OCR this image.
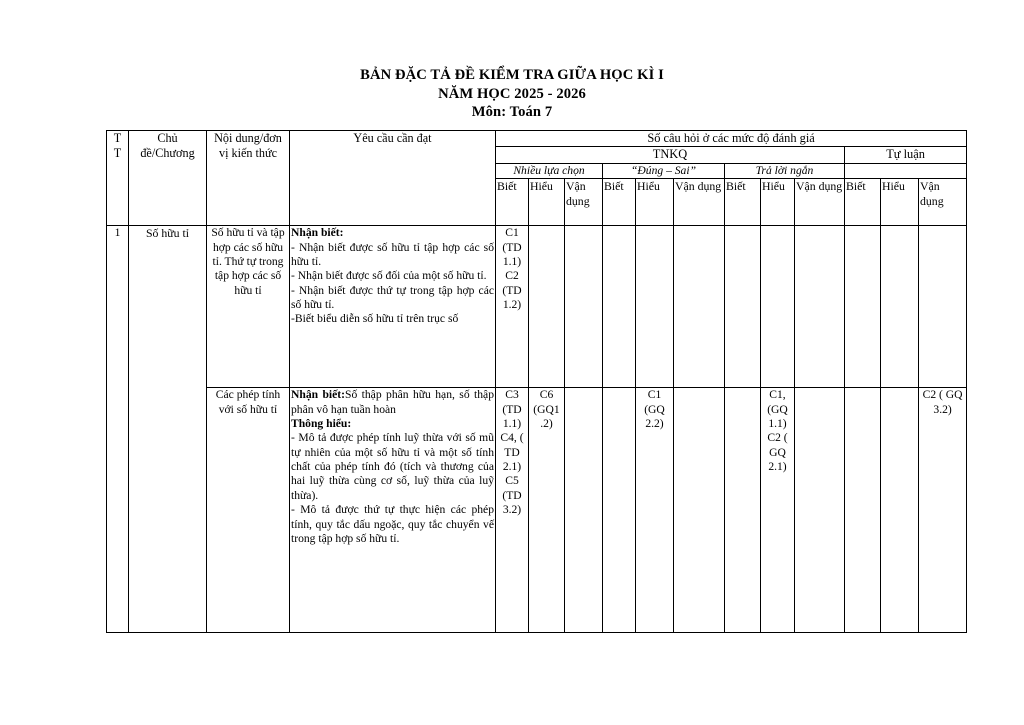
BẢN ĐẶC TẢ ĐỀ KIỂM TRA GIỮA HỌC KÌ I
NĂM HỌC 2025 - 2026
Môn: Toán 7
T
T	Chủ đề/Chương	Nội dung/đơn vị kiến thức	Yêu cầu cần đạt	Số câu hỏi ở các mức độ đánh giá											
				TNKQ									Tự luận		
				Nhiều lựa chọn			“Đúng – Sai”			Trả lời ngắn					
				Biết	Hiểu	Vận dụng	Biết	Hiểu	Vận dụng	Biết	Hiểu	Vận dụng	Biết	Hiểu	Vận dụng
1	Số hữu tỉ	Số hữu tỉ và tập hợp các số hữu tỉ. Thứ tự trong tập hợp các số hữu tỉ	Nhận biết:
- Nhận biết được số hữu tỉ tập hợp các số hữu tỉ.
- Nhận biết được số đối của một số hữu tỉ.
- Nhận biết được thứ tự trong tập hợp các số hữu tỉ.
-Biết biểu diễn số hữu tỉ trên trục số	C1 (TD 1.1) C2 (TD 1.2)											
		Các phép tính với số hữu tỉ	Nhận biết:Số thập phân hữu hạn, số thập phân vô hạn tuần hoàn
Thông hiểu:
- Mô tả được phép tính luỹ thừa với số mũ tự nhiên của một số hữu tỉ và một số tính chất của phép tính đó (tích và thương của hai luỹ thừa cùng cơ số, luỹ thừa của luỹ thừa).
- Mô tả được thứ tự thực hiện các phép tính, quy tắc dấu ngoặc, quy tắc chuyển vế trong tập hợp số hữu tỉ.	C3 (TD 1.1) C4, ( TD 2.1) C5 (TD 3.2)	C6 (GQ1 .2)			C1 (GQ 2.2)			C1, (GQ 1.1) C2 ( GQ 2.1)				C2 ( GQ 3.2)
